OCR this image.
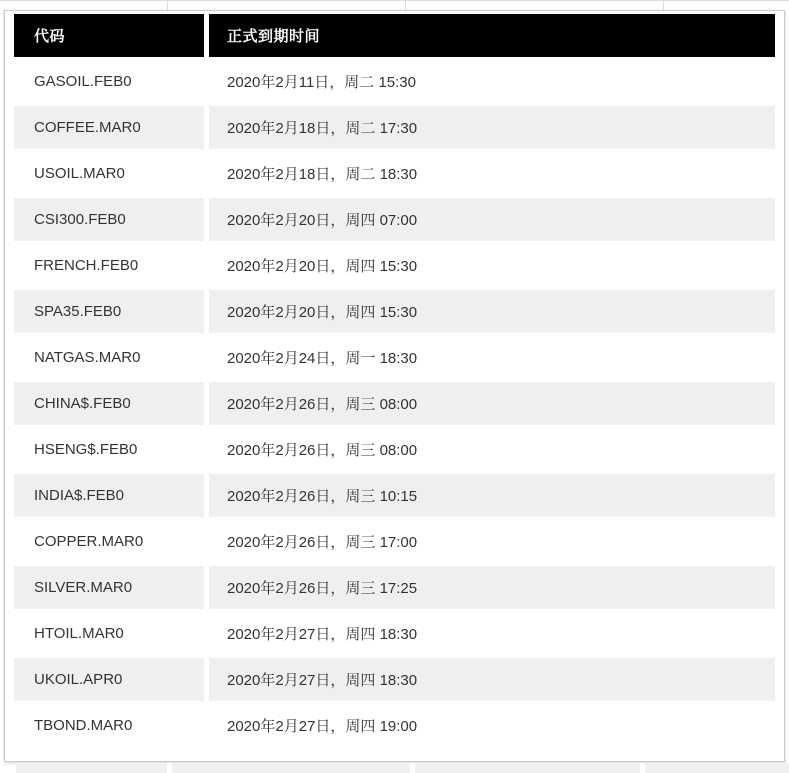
代码	正式到期时间
GASOIL.FEB0	2020年2月11日，周二 15:30
COFFEE.MAR0	2020年2月18日，周二 17:30
USOIL.MAR0	2020年2月18日，周二 18:30
CSI300.FEB0	2020年2月20日，周四 07:00
FRENCH.FEB0	2020年2月20日，周四 15:30
SPA35.FEB0	2020年2月20日，周四 15:30
NATGAS.MAR0	2020年2月24日，周一 18:30
CHINA$.FEB0	2020年2月26日，周三 08:00
HSENG$.FEB0	2020年2月26日，周三 08:00
INDIA$.FEB0	2020年2月26日，周三 10:15
COPPER.MAR0	2020年2月26日，周三 17:00
SILVER.MAR0	2020年2月26日，周三 17:25
HTOIL.MAR0	2020年2月27日，周四 18:30
UKOIL.APR0	2020年2月27日，周四 18:30
TBOND.MAR0	2020年2月27日，周四 19:00
